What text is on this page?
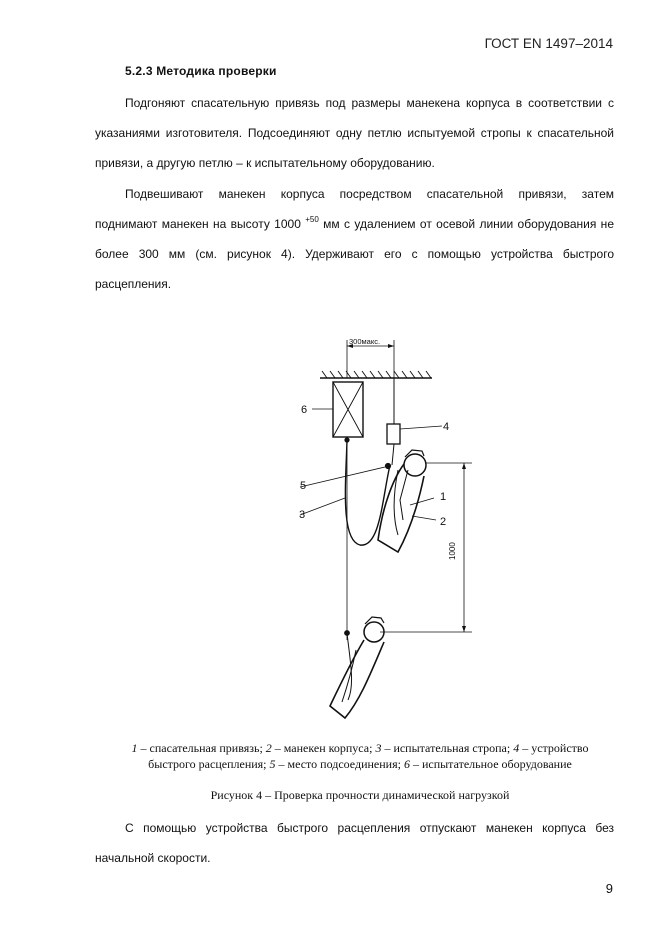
ГОСТ EN 1497–2014
5.2.3 Методика проверки
Подгоняют спасательную привязь под размеры манекена корпуса в соответствии с
указаниями изготовителя. Подсоединяют одну петлю испытуемой стропы к спасательной привязи, а другую петлю – к испытательному оборудованию.
Подвешивают манекен корпуса посредством спасательной привязи, затем
поднимают манекен на высоту 1000 $^{+50}$ мм с удалением от осевой линии оборудования не более 300 мм (см. рисунок 4). Удерживают его с помощью устройства быстрого расцепления.
300макс.
1000
1
2
3
4
5
6
1 – спасательная привязь; 2 – манекен корпуса; 3 – испытательная стропа; 4 – устройство быстрого расцепления; 5 – место подсоединения; 6 – испытательное оборудование
Рисунок 4 – Проверка прочности динамической нагрузкой
С помощью устройства быстрого расцепления отпускают манекен корпуса без
начальной скорости.
9
